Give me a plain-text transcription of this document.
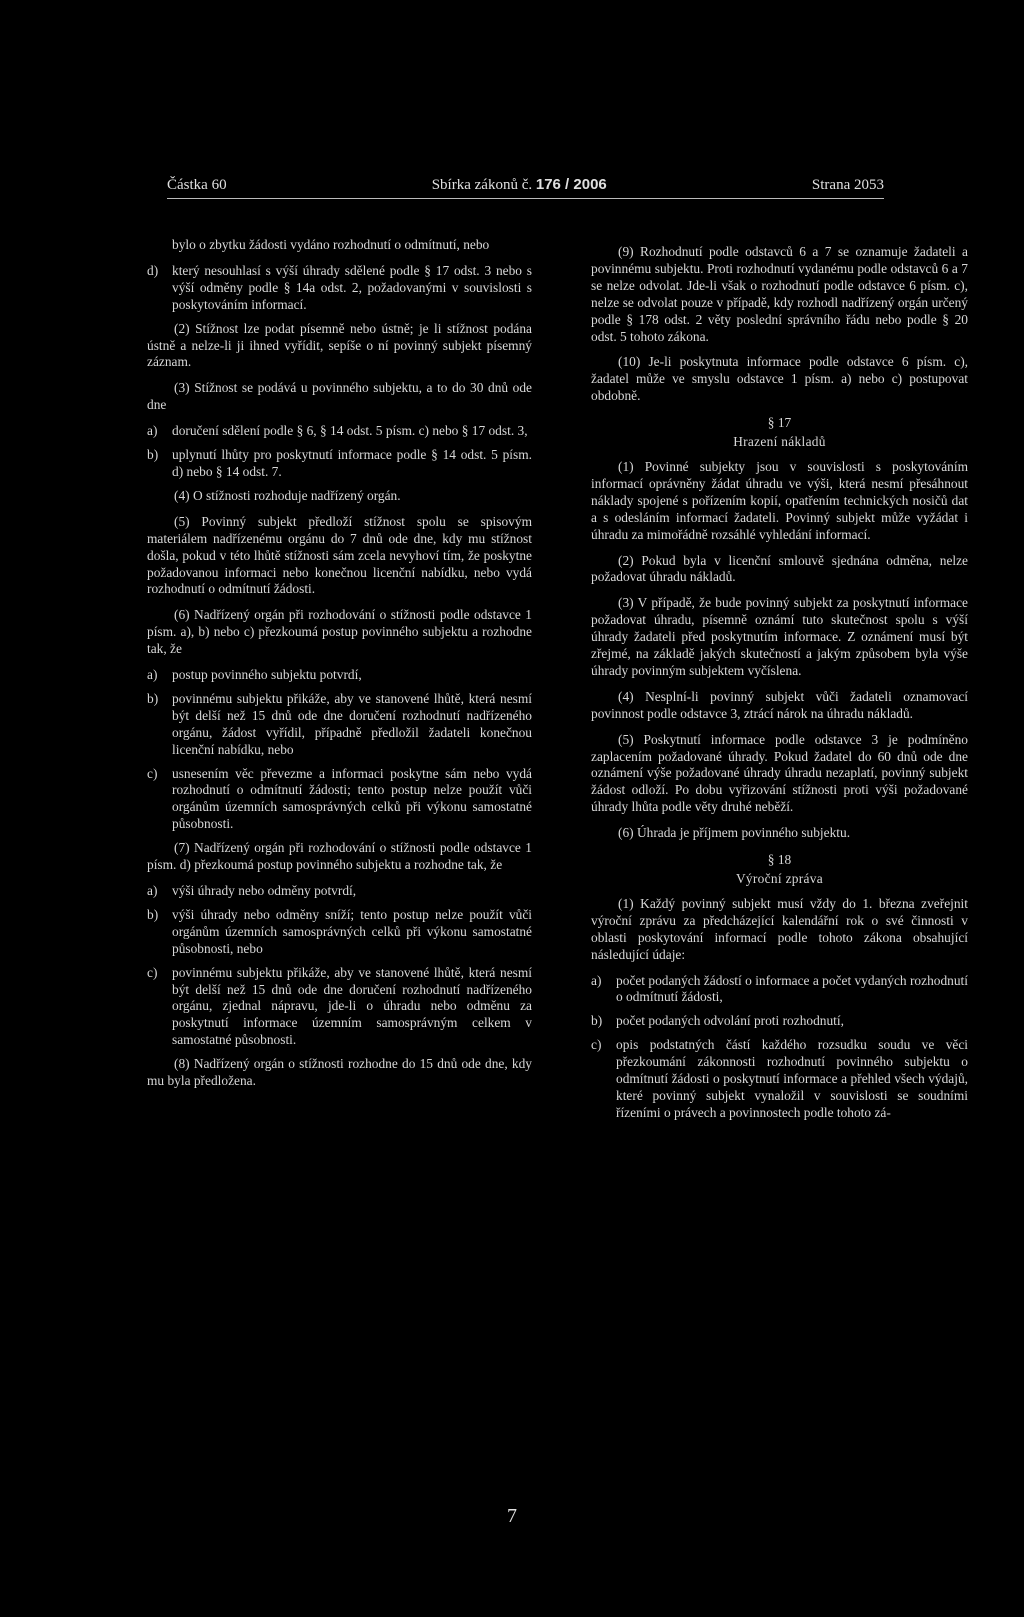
Částka 60	Sbírka zákonů č. 176 / 2006	Strana 2053

bylo o zbytku žádosti vydáno rozhodnutí o odmítnutí, nebo

d)	který nesouhlasí s výší úhrady sdělené podle § 17 odst. 3 nebo s výší odměny podle § 14a odst. 2, požadovanými v souvislosti s poskytováním informací.

(2) Stížnost lze podat písemně nebo ústně; je li stížnost podána ústně a nelze-li ji ihned vyřídit, sepíše o ní povinný subjekt písemný záznam.

(3) Stížnost se podává u povinného subjektu, a to do 30 dnů ode dne

a)	doručení sdělení podle § 6, § 14 odst. 5 písm. c) nebo § 17 odst. 3,
b)	uplynutí lhůty pro poskytnutí informace podle § 14 odst. 5 písm. d) nebo § 14 odst. 7.

(4) O stížnosti rozhoduje nadřízený orgán.

(5) Povinný subjekt předloží stížnost spolu se spisovým materiálem nadřízenému orgánu do 7 dnů ode dne, kdy mu stížnost došla, pokud v této lhůtě stížnosti sám zcela nevyhoví tím, že poskytne požadovanou informaci nebo konečnou licenční nabídku, nebo vydá rozhodnutí o odmítnutí žádosti.

(6) Nadřízený orgán při rozhodování o stížnosti podle odstavce 1 písm. a), b) nebo c) přezkoumá postup povinného subjektu a rozhodne tak, že

a)	postup povinného subjektu potvrdí,
b)	povinnému subjektu přikáže, aby ve stanovené lhůtě, která nesmí být delší než 15 dnů ode dne doručení rozhodnutí nadřízeného orgánu, žádost vyřídil, případně předložil žadateli konečnou licenční nabídku, nebo
c)	usnesením věc převezme a informaci poskytne sám nebo vydá rozhodnutí o odmítnutí žádosti; tento postup nelze použít vůči orgánům územních samosprávných celků při výkonu samostatné působnosti.

(7) Nadřízený orgán při rozhodování o stížnosti podle odstavce 1 písm. d) přezkoumá postup povinného subjektu a rozhodne tak, že

a)	výši úhrady nebo odměny potvrdí,
b)	výši úhrady nebo odměny sníží; tento postup nelze použít vůči orgánům územních samosprávných celků při výkonu samostatné působnosti, nebo
c)	povinnému subjektu přikáže, aby ve stanovené lhůtě, která nesmí být delší než 15 dnů ode dne doručení rozhodnutí nadřízeného orgánu, zjednal nápravu, jde-li o úhradu nebo odměnu za poskytnutí informace územním samosprávným celkem v samostatné působnosti.

(8) Nadřízený orgán o stížnosti rozhodne do 15 dnů ode dne, kdy mu byla předložena.

(9) Rozhodnutí podle odstavců 6 a 7 se oznamuje žadateli a povinnému subjektu. Proti rozhodnutí vydanému podle odstavců 6 a 7 se nelze odvolat. Jde-li však o rozhodnutí podle odstavce 6 písm. c), nelze se odvolat pouze v případě, kdy rozhodl nadřízený orgán určený podle § 178 odst. 2 věty poslední správního řádu nebo podle § 20 odst. 5 tohoto zákona.

(10) Je-li poskytnuta informace podle odstavce 6 písm. c), žadatel může ve smyslu odstavce 1 písm. a) nebo c) postupovat obdobně.

§ 17

Hrazení nákladů

(1) Povinné subjekty jsou v souvislosti s poskytováním informací oprávněny žádat úhradu ve výši, která nesmí přesáhnout náklady spojené s pořízením kopií, opatřením technických nosičů dat a s odesláním informací žadateli. Povinný subjekt může vyžádat i úhradu za mimořádně rozsáhlé vyhledání informací.

(2) Pokud byla v licenční smlouvě sjednána odměna, nelze požadovat úhradu nákladů.

(3) V případě, že bude povinný subjekt za poskytnutí informace požadovat úhradu, písemně oznámí tuto skutečnost spolu s výší úhrady žadateli před poskytnutím informace. Z oznámení musí být zřejmé, na základě jakých skutečností a jakým způsobem byla výše úhrady povinným subjektem vyčíslena.

(4) Nesplní-li povinný subjekt vůči žadateli oznamovací povinnost podle odstavce 3, ztrácí nárok na úhradu nákladů.

(5) Poskytnutí informace podle odstavce 3 je podmíněno zaplacením požadované úhrady. Pokud žadatel do 60 dnů ode dne oznámení výše požadované úhrady úhradu nezaplatí, povinný subjekt žádost odloží. Po dobu vyřizování stížnosti proti výši požadované úhrady lhůta podle věty druhé neběží.

(6) Úhrada je příjmem povinného subjektu.

§ 18

Výroční zpráva

(1) Každý povinný subjekt musí vždy do 1. března zveřejnit výroční zprávu za předcházející kalendářní rok o své činnosti v oblasti poskytování informací podle tohoto zákona obsahující následující údaje:

a)	počet podaných žádostí o informace a počet vydaných rozhodnutí o odmítnutí žádosti,
b)	počet podaných odvolání proti rozhodnutí,
c)	opis podstatných částí každého rozsudku soudu ve věci přezkoumání zákonnosti rozhodnutí povinného subjektu o odmítnutí žádosti o poskytnutí informace a přehled všech výdajů, které povinný subjekt vynaložil v souvislosti se soudními řízeními o právech a povinnostech podle tohoto zá-
7
